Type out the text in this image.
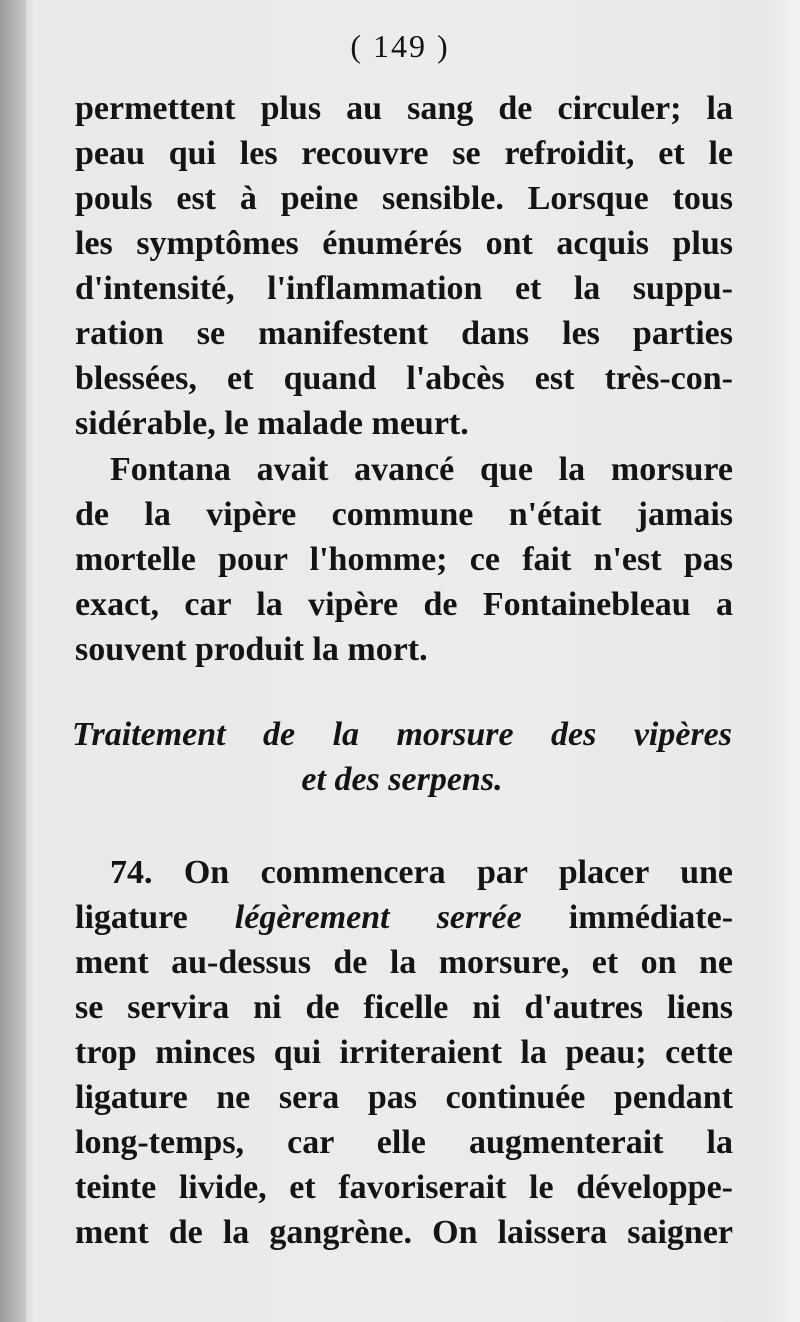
( 149 )
permettent plus au sang de circuler; la
peau qui les recouvre se refroidit, et le
pouls est à peine sensible. Lorsque tous
les symptômes énumérés ont acquis plus
d'intensité, l'inflammation et la suppu-
ration se manifestent dans les parties
blessées, et quand l'abcès est très-con-
sidérable, le malade meurt.
Fontana avait avancé que la morsure
de la vipère commune n'était jamais
mortelle pour l'homme; ce fait n'est pas
exact, car la vipère de Fontainebleau a
souvent produit la mort.
Traitement de la morsure des vipères
et des serpens.
74. On commencera par placer une
ligature légèrement serrée immédiate-
ment au-dessus de la morsure, et on ne
se servira ni de ficelle ni d'autres liens
trop minces qui irriteraient la peau; cette
ligature ne sera pas continuée pendant
long-temps, car elle augmenterait la
teinte livide, et favoriserait le développe-
ment de la gangrène. On laissera saigner
